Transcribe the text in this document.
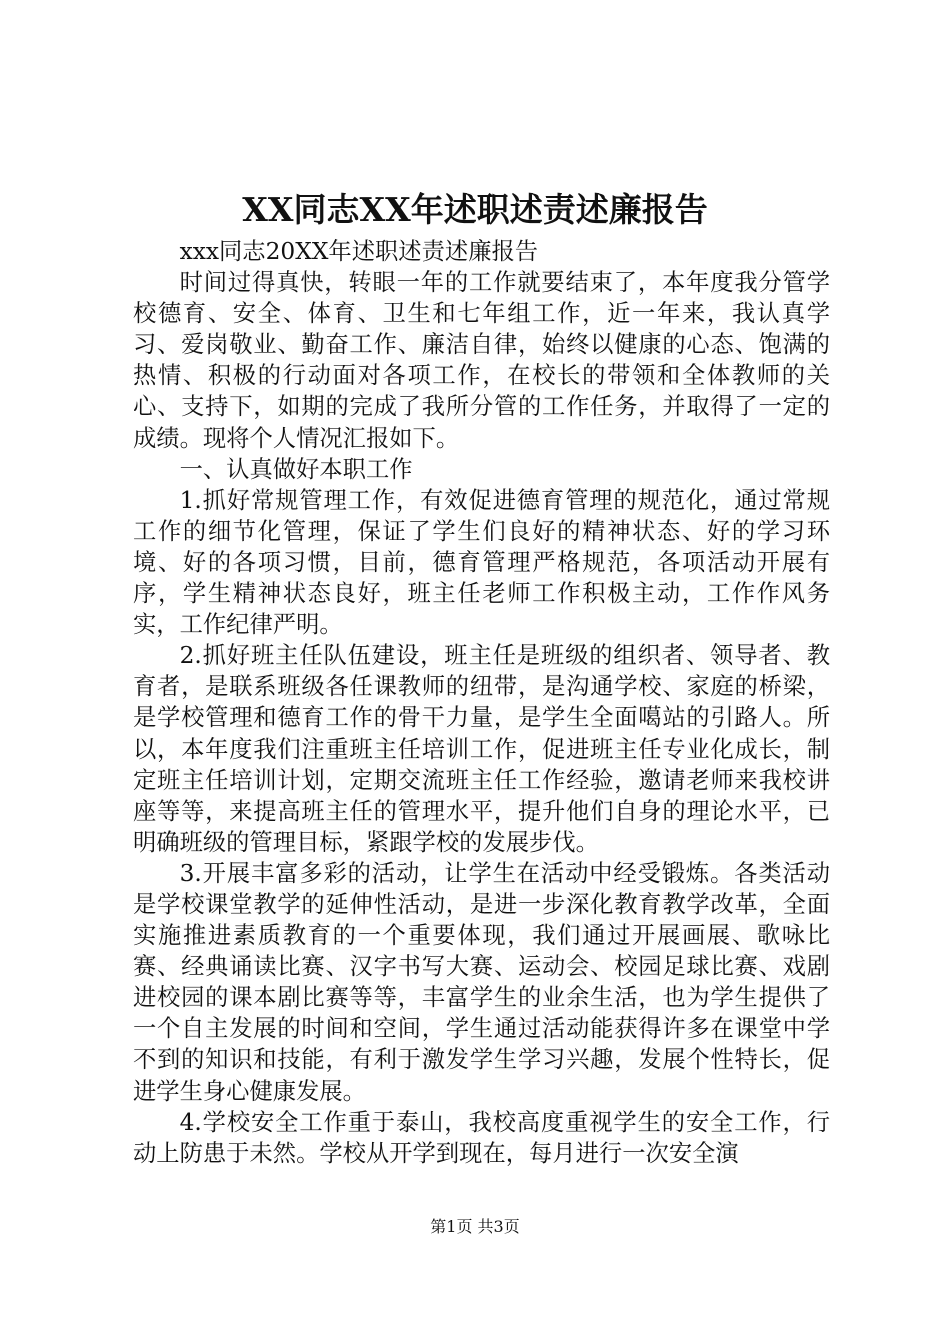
XX同志XX年述职述责述廉报告

xxx同志20XX年述职述责述廉报告

时间过得真快，转眼一年的工作就要结束了，本年度我分管学校德育、安全、体育、卫生和七年组工作，近一年来，我认真学习、爱岗敬业、勤奋工作、廉洁自律，始终以健康的心态、饱满的热情、积极的行动面对各项工作，在校长的带领和全体教师的关心、支持下，如期的完成了我所分管的工作任务，并取得了一定的成绩。现将个人情况汇报如下。

一、认真做好本职工作

1.抓好常规管理工作，有效促进德育管理的规范化，通过常规工作的细节化管理，保证了学生们良好的精神状态、好的学习环境、好的各项习惯，目前，德育管理严格规范，各项活动开展有序，学生精神状态良好，班主任老师工作积极主动，工作作风务实，工作纪律严明。

2.抓好班主任队伍建设，班主任是班级的组织者、领导者、教育者，是联系班级各任课教师的纽带，是沟通学校、家庭的桥梁，是学校管理和德育工作的骨干力量，是学生全面噶站的引路人。所以，本年度我们注重班主任培训工作，促进班主任专业化成长，制定班主任培训计划，定期交流班主任工作经验，邀请老师来我校讲座等等，来提高班主任的管理水平，提升他们自身的理论水平，已明确班级的管理目标，紧跟学校的发展步伐。

3.开展丰富多彩的活动，让学生在活动中经受锻炼。各类活动是学校课堂教学的延伸性活动，是进一步深化教育教学改革，全面实施推进素质教育的一个重要体现，我们通过开展画展、歌咏比赛、经典诵读比赛、汉字书写大赛、运动会、校园足球比赛、戏剧进校园的课本剧比赛等等，丰富学生的业余生活，也为学生提供了一个自主发展的时间和空间，学生通过活动能获得许多在课堂中学不到的知识和技能，有利于激发学生学习兴趣，发展个性特长，促进学生身心健康发展。

4.学校安全工作重于泰山，我校高度重视学生的安全工作，行动上防患于未然。学校从开学到现在，每月进行一次安全演

第1页 共3页
